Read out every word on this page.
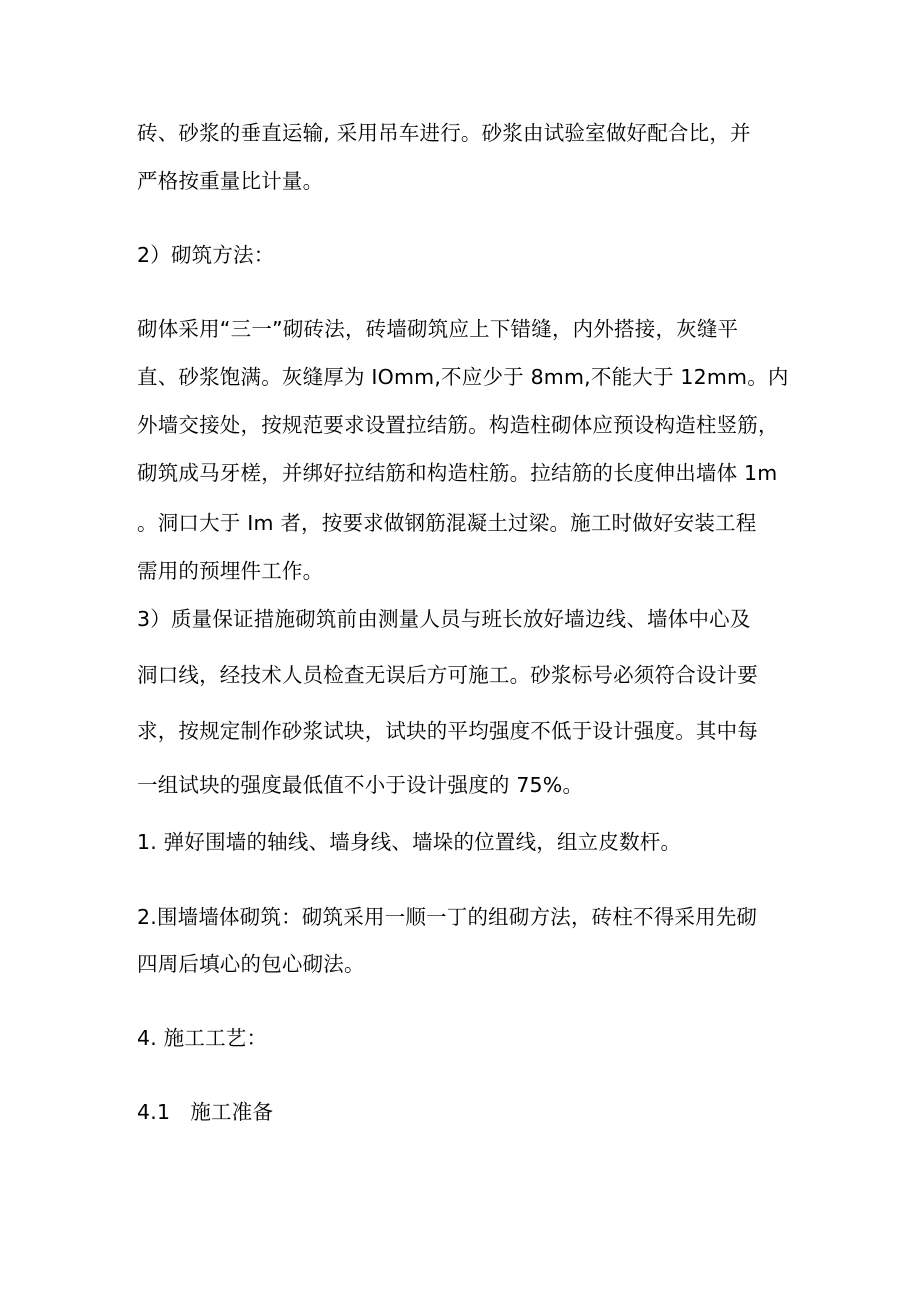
砖、砂浆的垂直运输, 采用吊车进行。砂浆由试验室做好配合比，并
严格按重量比计量。
2）砌筑方法：
砌体采用“三一”砌砖法，砖墙砌筑应上下错缝，内外搭接，灰缝平
直、砂浆饱满。灰缝厚为 IOmm,不应少于 8mm,不能大于 12mm。内
外墙交接处，按规范要求设置拉结筋。构造柱砌体应预设构造柱竖筋，
砌筑成马牙槎，并绑好拉结筋和构造柱筋。拉结筋的长度伸出墙体 1m
。洞口大于 Im 者，按要求做钢筋混凝土过梁。施工时做好安装工程
需用的预埋件工作。
3）质量保证措施砌筑前由测量人员与班长放好墙边线、墙体中心及
洞口线，经技术人员检查无误后方可施工。砂浆标号必须符合设计要
求，按规定制作砂浆试块，试块的平均强度不低于设计强度。其中每
一组试块的强度最低值不小于设计强度的 75%。
1. 弹好围墙的轴线、墙身线、墙垛的位置线，组立皮数杆。
2.围墙墙体砌筑：砌筑采用一顺一丁的组砌方法，砖柱不得采用先砌
四周后填心的包心砌法。
4. 施工工艺：
4.1   施工准备
